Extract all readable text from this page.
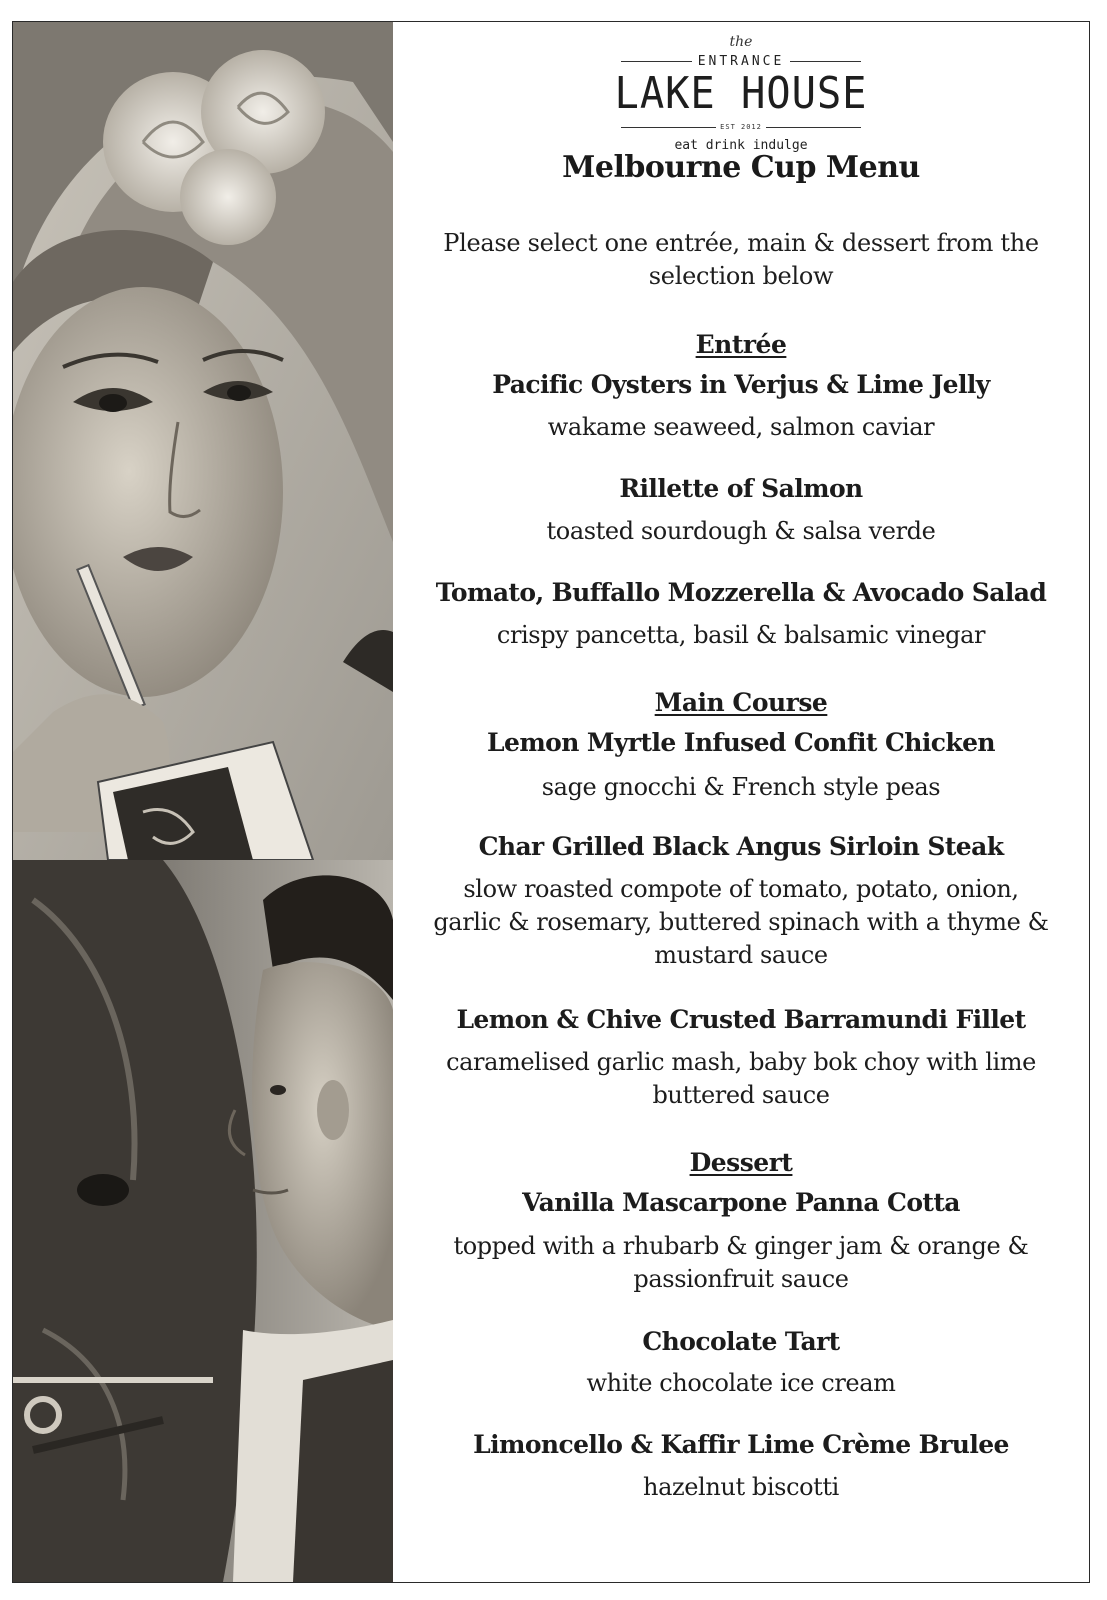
the
ENTRANCE
LAKE HOUSE
EST 2012
eat drink indulge
Melbourne Cup Menu
Please select one entrée, main & dessert from the selection below
Entrée
Pacific Oysters in Verjus & Lime Jelly
wakame seaweed, salmon caviar
Rillette of Salmon
toasted sourdough & salsa verde
Tomato, Buffallo Mozzerella & Avocado Salad
crispy pancetta, basil & balsamic vinegar
Main Course
Lemon Myrtle Infused Confit Chicken
sage gnocchi & French style peas
Char Grilled Black Angus Sirloin Steak
slow roasted compote of tomato, potato, onion, garlic & rosemary, buttered spinach with a thyme & mustard sauce
Lemon & Chive Crusted Barramundi Fillet
caramelised garlic mash, baby bok choy with lime buttered sauce
Dessert
Vanilla Mascarpone Panna Cotta
topped with a rhubarb & ginger jam & orange & passionfruit sauce
Chocolate Tart
white chocolate ice cream
Limoncello & Kaffir Lime Crème Brulee
hazelnut biscotti
